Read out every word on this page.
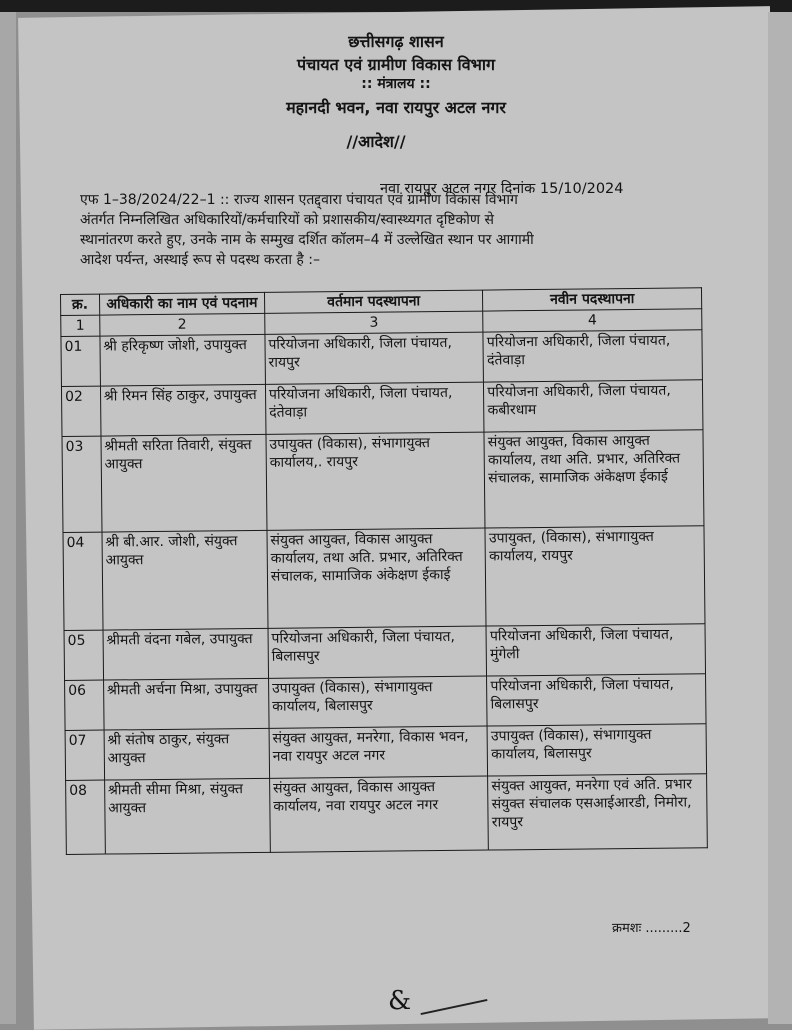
छत्तीसगढ़ शासन
पंचायत एवं ग्रामीण विकास विभाग
:: मंत्रालय ::
महानदी भवन, नवा रायपुर अटल नगर
//आदेश//
नवा रायपुर अटल नगर दिनांक 15/10/2024
एफ 1–38/2024/22–1 :: राज्य शासन एतद्द्वारा पंचायत एवं ग्रामीण विकास विभाग
अंतर्गत निम्नलिखित अधिकारियों/कर्मचारियों को प्रशासकीय/स्वास्थ्यगत दृष्टिकोण से
स्थानांतरण करते हुए, उनके नाम के सम्मुख दर्शित कॉलम–4 में उल्लेखित स्थान पर आगामी
आदेश पर्यन्त, अस्थाई रूप से पदस्थ करता है :–
क्र.	अधिकारी का नाम एवं पदनाम	वर्तमान पदस्थापना	नवीन पदस्थापना
1	2	3	4
01	श्री हरिकृष्ण जोशी, उपायुक्त	परियोजना अधिकारी, जिला पंचायत, रायपुर	परियोजना अधिकारी, जिला पंचायत, दंतेवाड़ा
02	श्री रिमन सिंह ठाकुर, उपायुक्त	परियोजना अधिकारी, जिला पंचायत, दंतेवाड़ा	परियोजना अधिकारी, जिला पंचायत, कबीरधाम
03	श्रीमती सरिता तिवारी, संयुक्त आयुक्त	उपायुक्त (विकास), संभागायुक्त कार्यालय,. रायपुर	संयुक्त आयुक्त, विकास आयुक्त कार्यालय, तथा अति. प्रभार, अतिरिक्त संचालक, सामाजिक अंकेक्षण ईकाई
04	श्री बी.आर. जोशी, संयुक्त आयुक्त	संयुक्त आयुक्त, विकास आयुक्त कार्यालय, तथा अति. प्रभार, अतिरिक्त संचालक, सामाजिक अंकेक्षण ईकाई	उपायुक्त, (विकास), संभागायुक्त कार्यालय, रायपुर
05	श्रीमती वंदना गबेल, उपायुक्त	परियोजना अधिकारी, जिला पंचायत, बिलासपुर	परियोजना अधिकारी, जिला पंचायत, मुंगेली
06	श्रीमती अर्चना मिश्रा, उपायुक्त	उपायुक्त (विकास), संभागायुक्त कार्यालय, बिलासपुर	परियोजना अधिकारी, जिला पंचायत, बिलासपुर
07	श्री संतोष ठाकुर, संयुक्त आयुक्त	संयुक्त आयुक्त, मनरेगा, विकास भवन, नवा रायपुर अटल नगर	उपायुक्त (विकास), संभागायुक्त कार्यालय, बिलासपुर
08	श्रीमती सीमा मिश्रा, संयुक्त आयुक्त	संयुक्त आयुक्त, विकास आयुक्त कार्यालय, नवा रायपुर अटल नगर	संयुक्त आयुक्त, मनरेगा एवं अति. प्रभार संयुक्त संचालक एसआईआरडी, निमोरा, रायपुर
क्रमशः .........2
&
